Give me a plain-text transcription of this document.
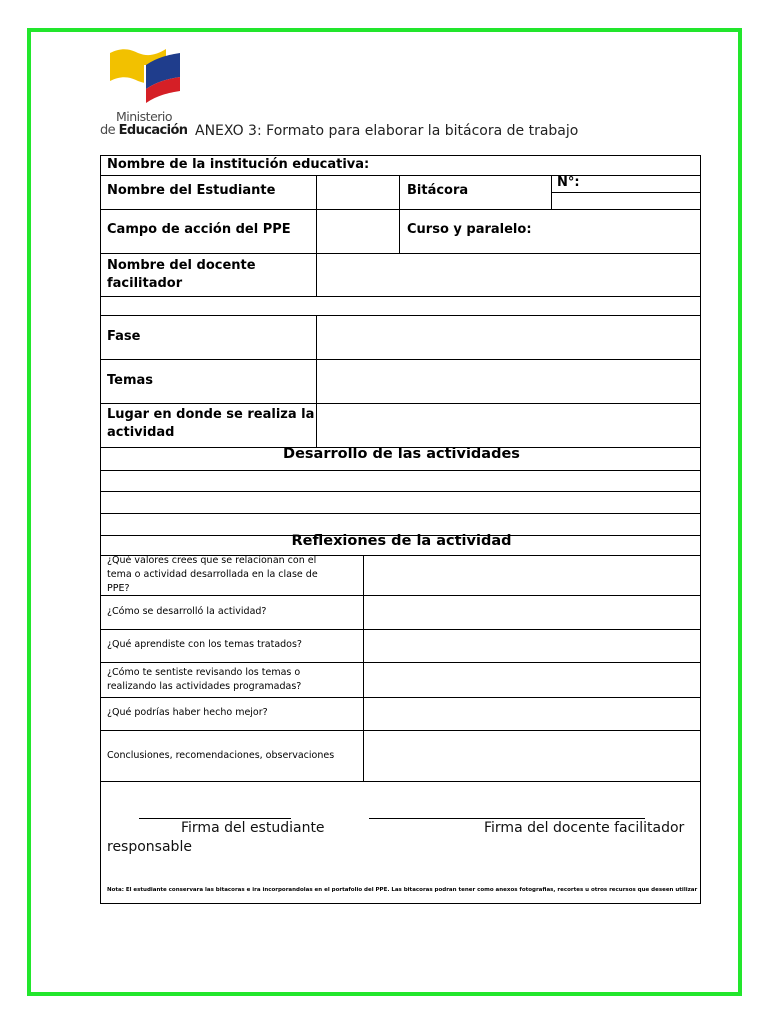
Ministerio
de Educación ANEXO 3: Formato para elaborar la bitácora de trabajo
Nombre de la institución educativa:
Nombre del Estudiante	Bitácora
N°:
Campo de acción del PPE	Curso y paralelo:
Nombre del docente
facilitador
Fase
Temas
Lugar en donde se realiza la
actividad
Desarrollo de las actividades
Reflexiones de la actividad
¿Qué valores crees que se relacionan con el
tema o actividad desarrollada en la clase de
PPE?
¿Cómo se desarrolló la actividad?
¿Qué aprendiste con los temas tratados?
¿Cómo te sentiste revisando los temas o
realizando las actividades programadas?
¿Qué podrías haber hecho mejor?
Conclusiones, recomendaciones, observaciones
Firma del estudiante
responsable
Firma del docente facilitador
Nota: El estudiante conservara las bitacoras e ira incorporandolas en el portafolio del PPE. Las bitacoras podran tener como anexos fotografias, recortes u otros recursos que deseen utilizar
